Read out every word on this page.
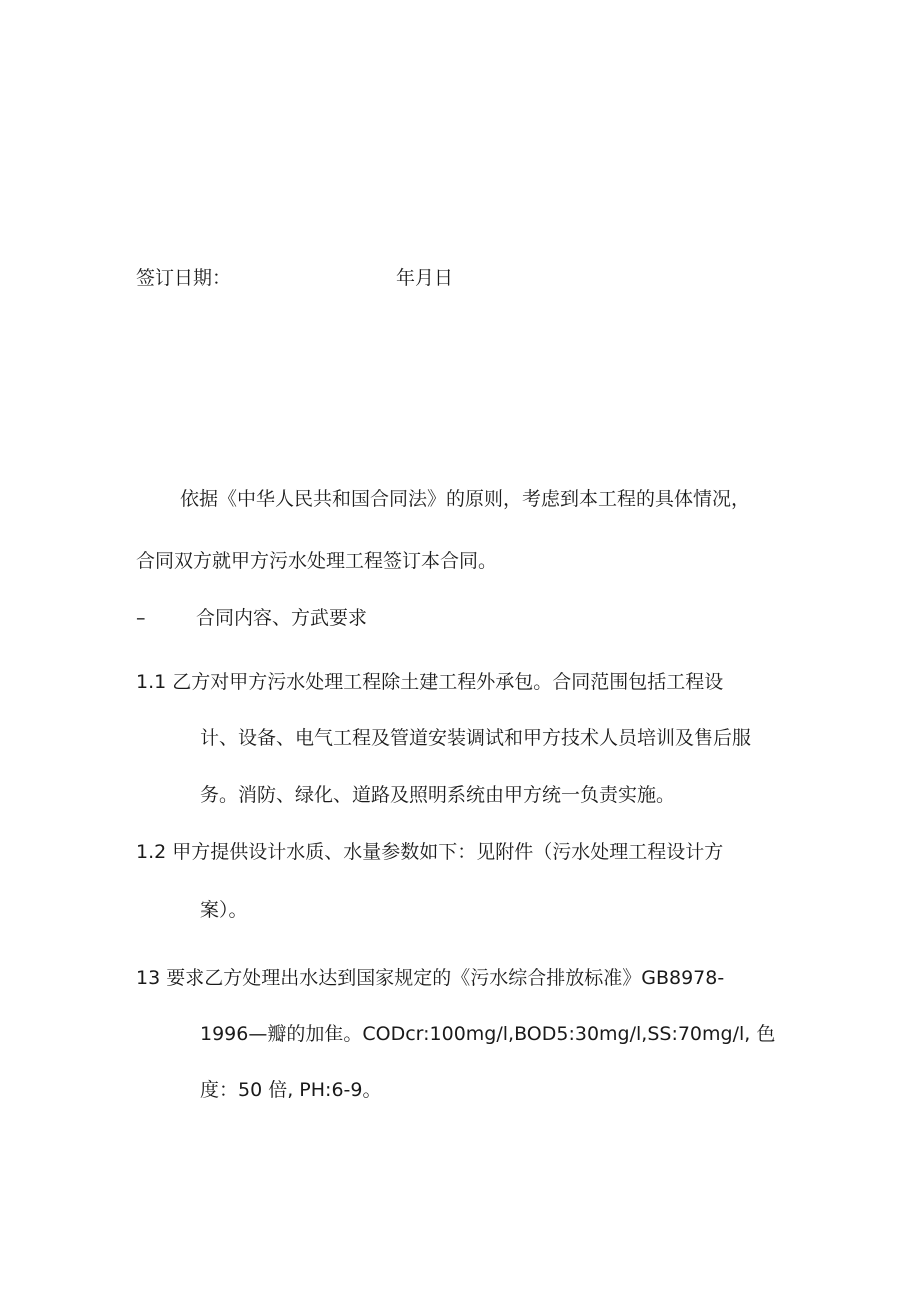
签订日期：	年月日
依据《中华人民共和国合同法》的原则，考虑到本工程的具体情况，
合同双方就甲方污水处理工程签订本合同。
–	合同内容、方武要求
1.1 乙方对甲方污水处理工程除土建工程外承包。合同范围包括工程设
计、设备、电气工程及管道安装调试和甲方技术人员培训及售后服
务。消防、绿化、道路及照明系统由甲方统一负责实施。
1.2 甲方提供设计水质、水量参数如下：见附件（污水处理工程设计方
案）。
13 要求乙方处理出水达到国家规定的《污水综合排放标准》GB8978-
1996—瓣的加隹。CODcr:100mg/l,BOD5:30mg/l,SS:70mg/l, 色
度：50 倍, PH:6-9。
